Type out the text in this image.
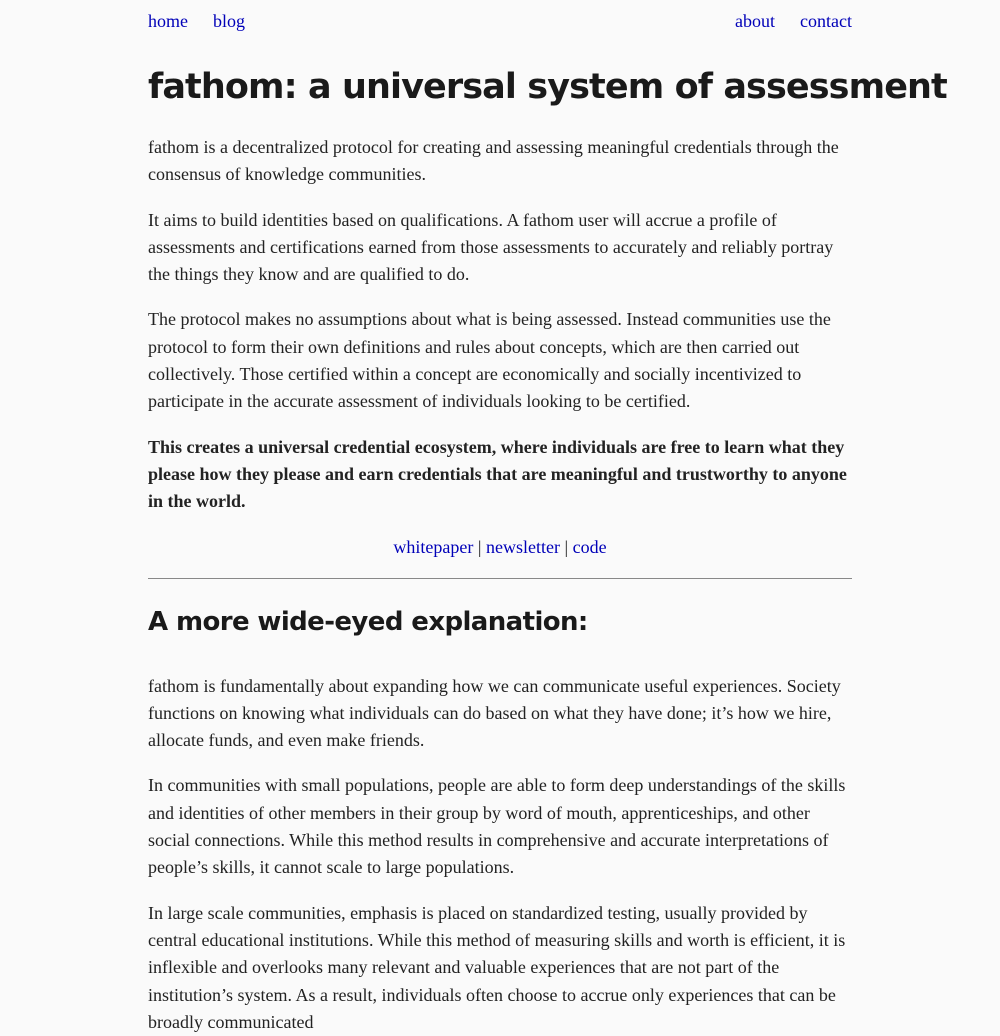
home blog	about contact
fathom: a universal system of assessment

fathom is a decentralized protocol for creating and assessing meaningful credentials through the consensus of knowledge communities.

It aims to build identities based on qualifications. A fathom user will accrue a profile of assessments and certifications earned from those assessments to accurately and reliably portray the things they know and are qualified to do.

The protocol makes no assumptions about what is being assessed. Instead communities use the protocol to form their own definitions and rules about concepts, which are then carried out collectively. Those certified within a concept are economically and socially incentivized to participate in the accurate assessment of individuals looking to be certified.

This creates a universal credential ecosystem, where individuals are free to learn what they please how they please and earn credentials that are meaningful and trustworthy to anyone in the world.

whitepaper | newsletter | code
A more wide-eyed explanation:

fathom is fundamentally about expanding how we can communicate useful experiences. Society functions on knowing what individuals can do based on what they have done; it’s how we hire, allocate funds, and even make friends.

In communities with small populations, people are able to form deep understandings of the skills and identities of other members in their group by word of mouth, apprenticeships, and other social connections. While this method results in comprehensive and accurate interpretations of people’s skills, it cannot scale to large populations.

In large scale communities, emphasis is placed on standardized testing, usually provided by central educational institutions. While this method of measuring skills and worth is efficient, it is inflexible and overlooks many relevant and valuable experiences that are not part of the institution’s system. As a result, individuals often choose to accrue only experiences that can be broadly communicated
